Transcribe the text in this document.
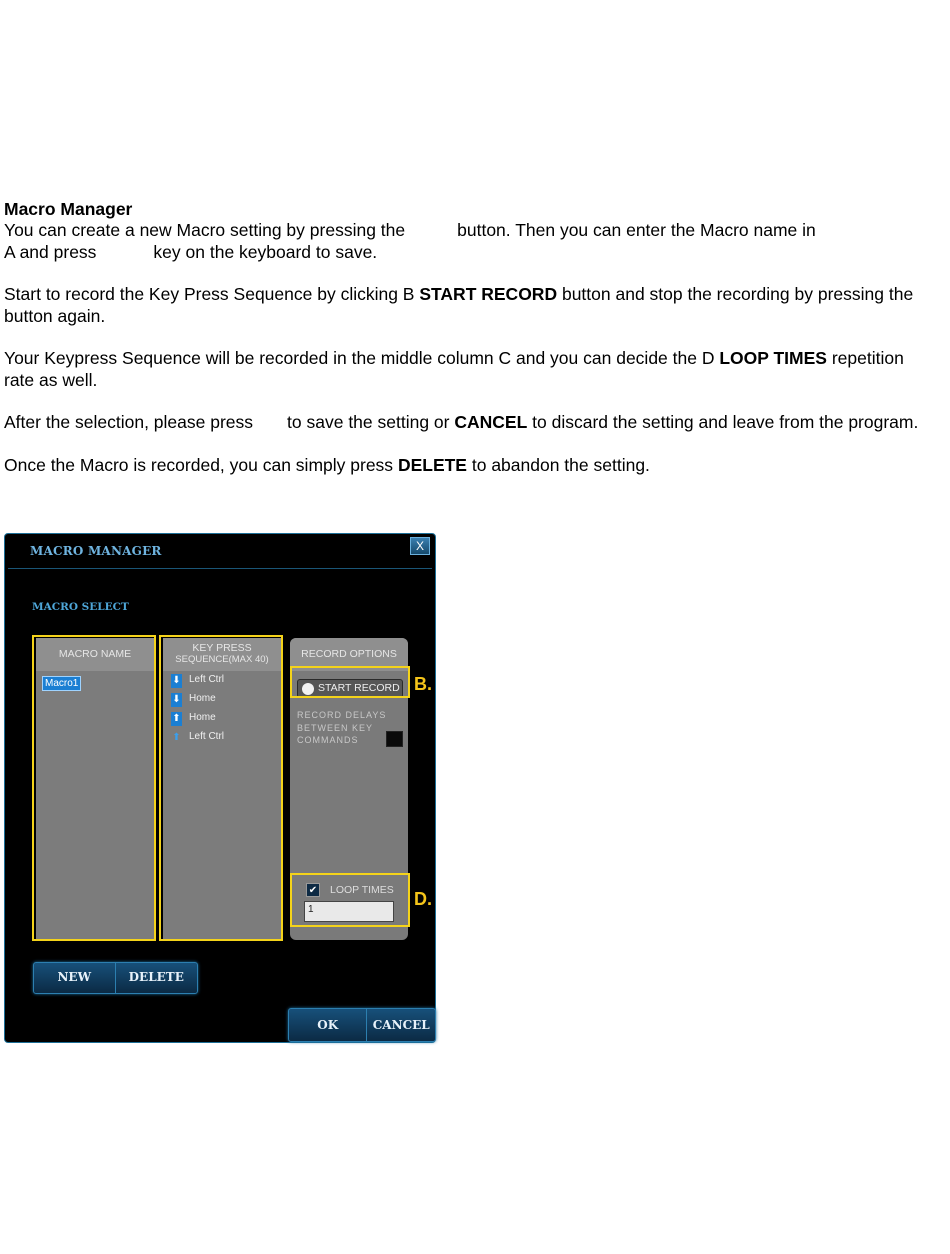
Macro Manager

You can create a new Macro setting by pressing the	button. Then you can enter the Macro name in
A and press	key on the keyboard to save.

Start to record the Key Press Sequence by clicking B START RECORD button and stop the recording by pressing the button again.

Your Keypress Sequence will be recorded in the middle column C and you can decide the D LOOP TIMES repetition rate as well.

After the selection, please press to save the setting or CANCEL to discard the setting and leave from the program.

Once the Macro is recorded, you can simply press DELETE to abandon the setting.

MACRO MANAGER	X
MACRO SELECT
MACRO NAME
Macro1
KEY PRESS
SEQUENCE(MAX 40)
⬇ Left Ctrl
⬇ Home
⬆ Home
⬆ Left Ctrl
RECORD OPTIONS
START RECORD
RECORD DELAYS
BETWEEN KEY
COMMANDS
✔ LOOP TIMES
1
B.
D.
NEW	DELETE
OK	CANCEL
